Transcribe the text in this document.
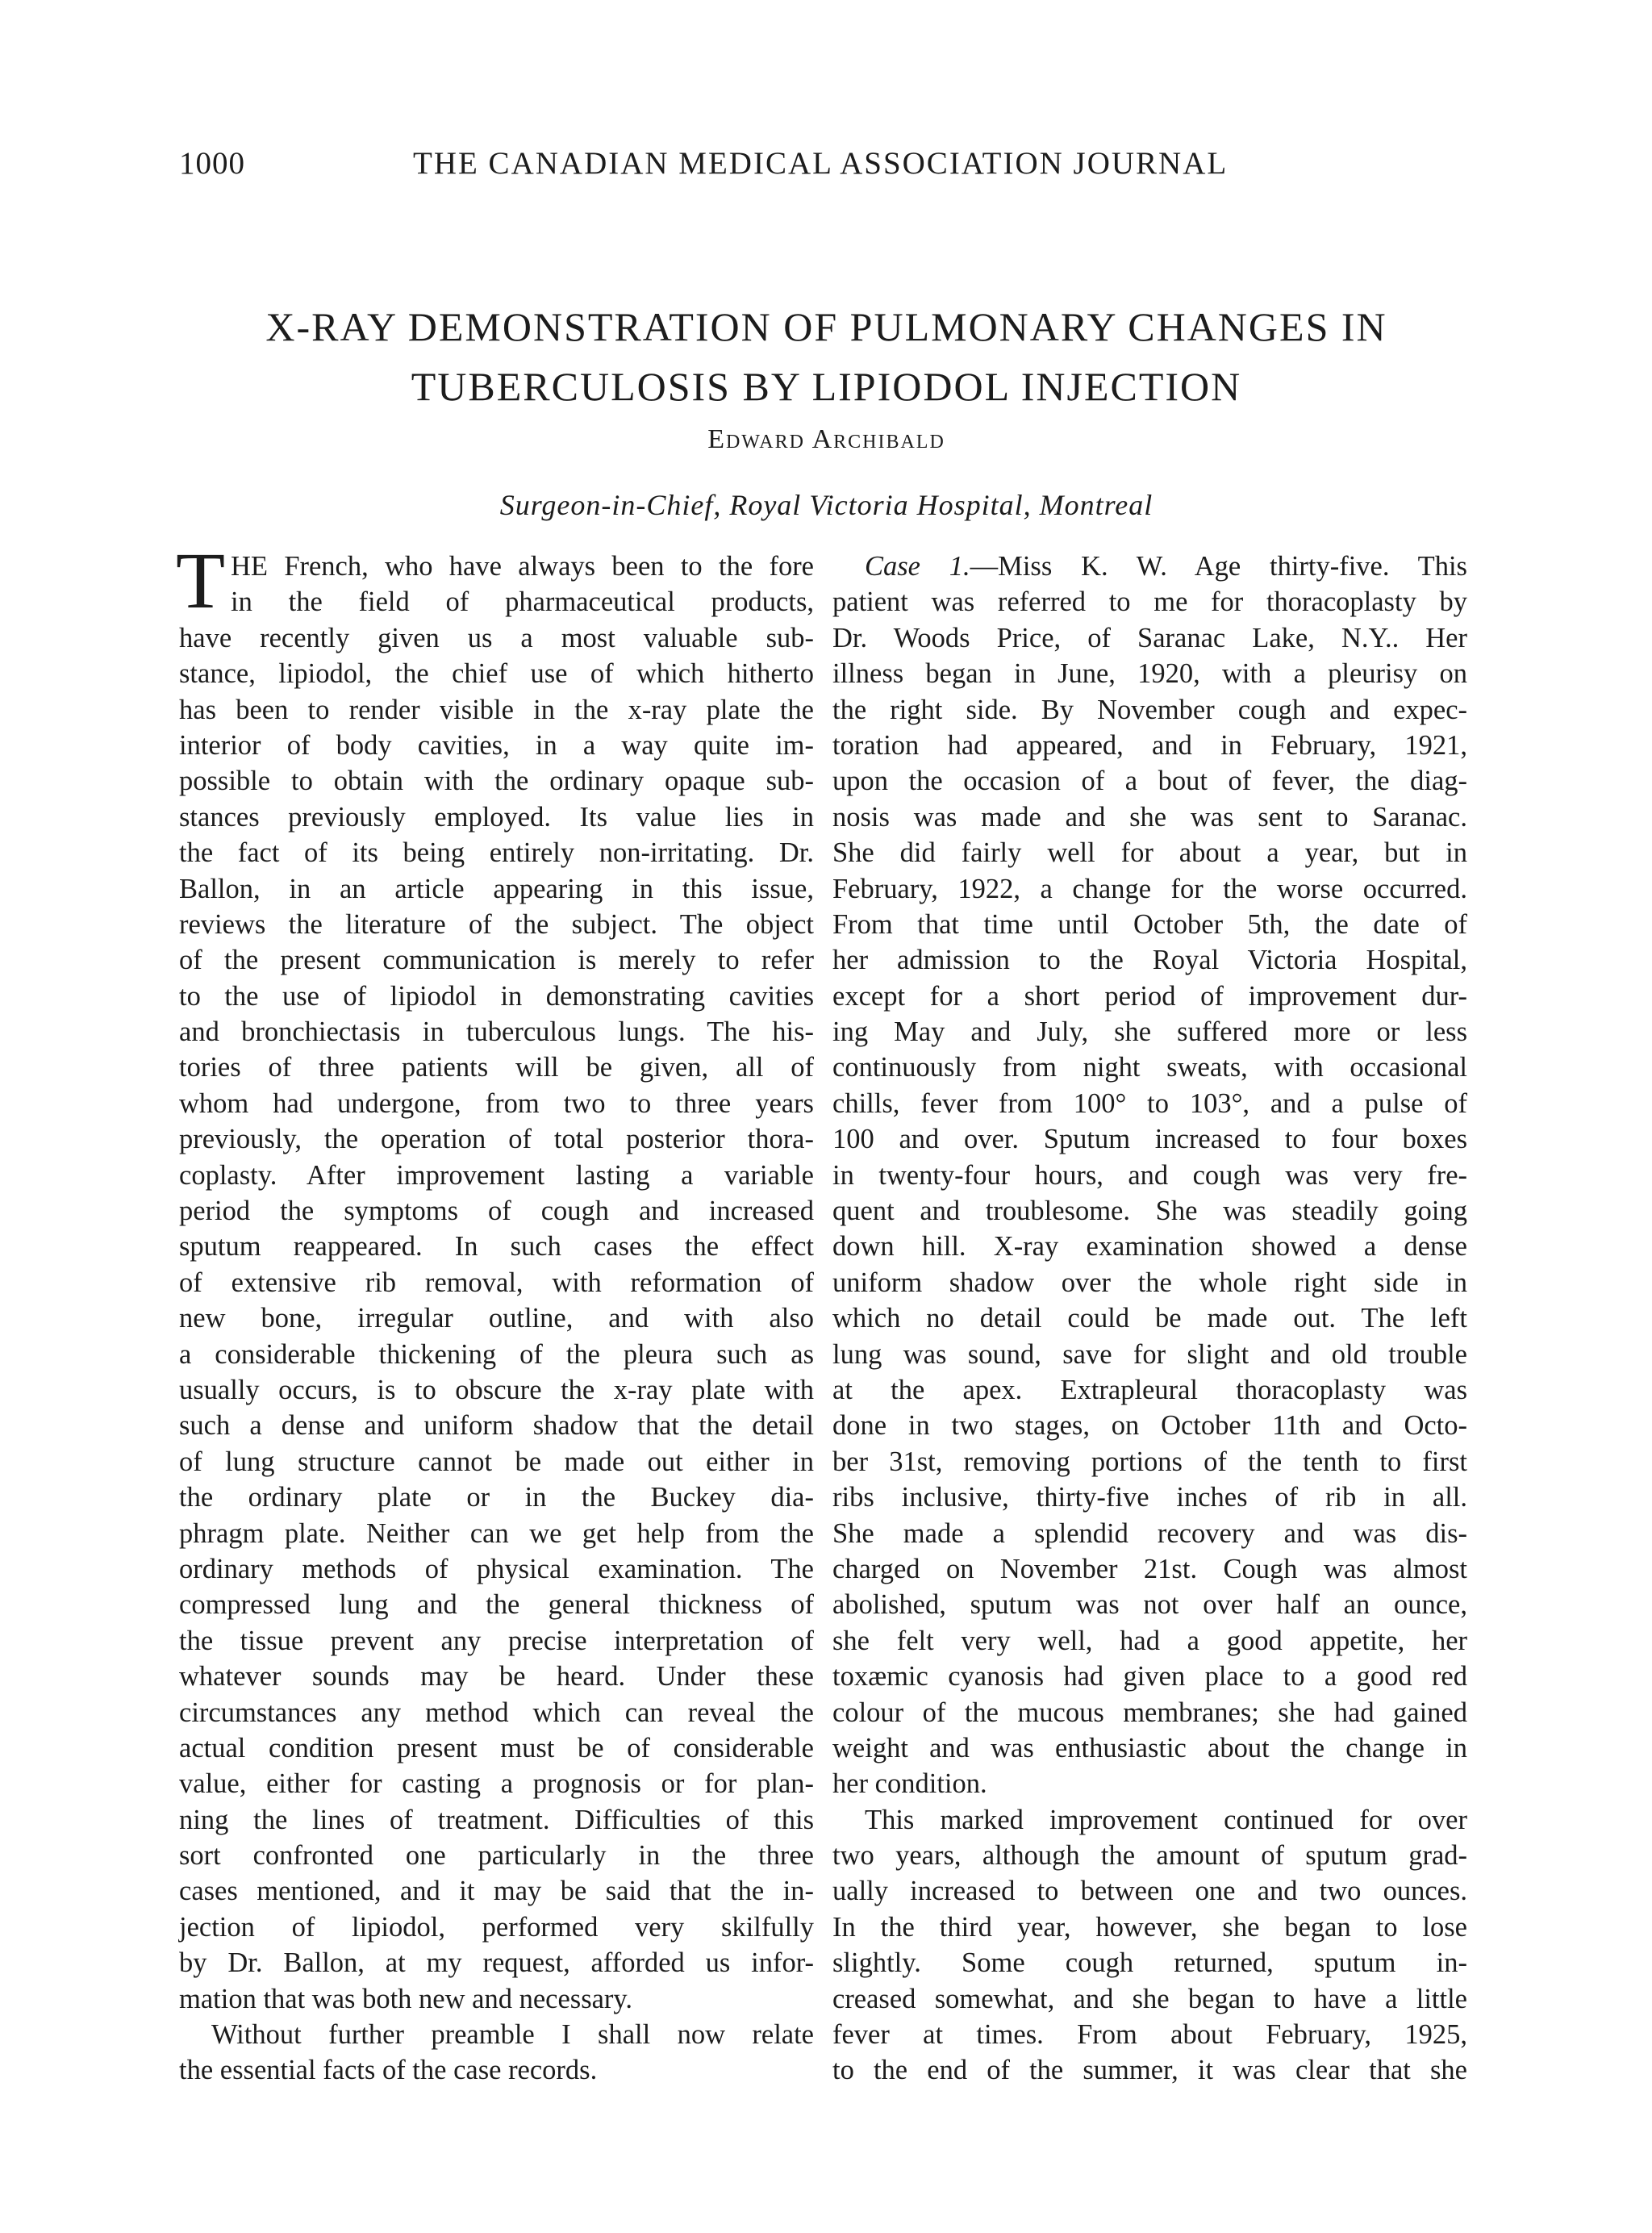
1000	THE CANADIAN MEDICAL ASSOCIATION JOURNAL
X-RAY DEMONSTRATION OF PULMONARY CHANGES IN
TUBERCULOSIS BY LIPIODOL INJECTION
Edward Archibald
Surgeon-in-Chief, Royal Victoria Hospital, Montreal
T HE French, who have always been to the fore
in the field of pharmaceutical products,
have recently given us a most valuable sub-
stance, lipiodol, the chief use of which hitherto
has been to render visible in the x-ray plate the
interior of body cavities, in a way quite im-
possible to obtain with the ordinary opaque sub-
stances previously employed. Its value lies in
the fact of its being entirely non-irritating. Dr.
Ballon, in an article appearing in this issue,
reviews the literature of the subject. The object
of the present communication is merely to refer
to the use of lipiodol in demonstrating cavities
and bronchiectasis in tuberculous lungs. The his-
tories of three patients will be given, all of
whom had undergone, from two to three years
previously, the operation of total posterior thora-
coplasty. After improvement lasting a variable
period the symptoms of cough and increased
sputum reappeared. In such cases the effect
of extensive rib removal, with reformation of
new bone, irregular outline, and with also
a considerable thickening of the pleura such as
usually occurs, is to obscure the x-ray plate with
such a dense and uniform shadow that the detail
of lung structure cannot be made out either in
the ordinary plate or in the Buckey dia-
phragm plate. Neither can we get help from the
ordinary methods of physical examination. The
compressed lung and the general thickness of
the tissue prevent any precise interpretation of
whatever sounds may be heard. Under these
circumstances any method which can reveal the
actual condition present must be of considerable
value, either for casting a prognosis or for plan-
ning the lines of treatment. Difficulties of this
sort confronted one particularly in the three
cases mentioned, and it may be said that the in-
jection of lipiodol, performed very skilfully
by Dr. Ballon, at my request, afforded us infor-
mation that was both new and necessary.
Without further preamble I shall now relate
the essential facts of the case records.
Case 1.—Miss K. W. Age thirty-five. This
patient was referred to me for thoracoplasty by
Dr. Woods Price, of Saranac Lake, N.Y.. Her
illness began in June, 1920, with a pleurisy on
the right side. By November cough and expec-
toration had appeared, and in February, 1921,
upon the occasion of a bout of fever, the diag-
nosis was made and she was sent to Saranac.
She did fairly well for about a year, but in
February, 1922, a change for the worse occurred.
From that time until October 5th, the date of
her admission to the Royal Victoria Hospital,
except for a short period of improvement dur-
ing May and July, she suffered more or less
continuously from night sweats, with occasional
chills, fever from 100° to 103°, and a pulse of
100 and over. Sputum increased to four boxes
in twenty-four hours, and cough was very fre-
quent and troublesome. She was steadily going
down hill. X-ray examination showed a dense
uniform shadow over the whole right side in
which no detail could be made out. The left
lung was sound, save for slight and old trouble
at the apex. Extrapleural thoracoplasty was
done in two stages, on October 11th and Octo-
ber 31st, removing portions of the tenth to first
ribs inclusive, thirty-five inches of rib in all.
She made a splendid recovery and was dis-
charged on November 21st. Cough was almost
abolished, sputum was not over half an ounce,
she felt very well, had a good appetite, her
toxæmic cyanosis had given place to a good red
colour of the mucous membranes; she had gained
weight and was enthusiastic about the change in
her condition.
This marked improvement continued for over
two years, although the amount of sputum grad-
ually increased to between one and two ounces.
In the third year, however, she began to lose
slightly. Some cough returned, sputum in-
creased somewhat, and she began to have a little
fever at times. From about February, 1925,
to the end of the summer, it was clear that she
